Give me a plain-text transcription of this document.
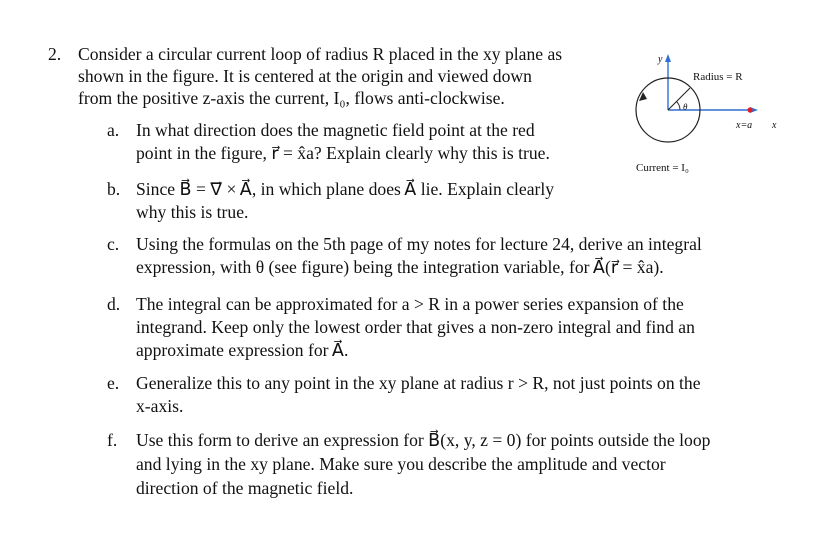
2. Consider a circular current loop of radius R placed in the xy plane as
shown in the figure. It is centered at the origin and viewed down
from the positive z-axis the current, I₀, flows anti-clockwise.
a. In what direction does the magnetic field point at the red
point in the figure, r⃗ = x̂a? Explain clearly why this is true.
b. Since B⃗ = ∇⃗ × A⃗, in which plane does A⃗ lie. Explain clearly
why this is true.
c. Using the formulas on the 5th page of my notes for lecture 24, derive an integral
expression, with θ (see figure) being the integration variable, for A⃗(r⃗ = x̂a).
d. The integral can be approximated for a > R in a power series expansion of the
integrand. Keep only the lowest order that gives a non-zero integral and find an
approximate expression for A⃗.
e. Generalize this to any point in the xy plane at radius r > R, not just points on the
x-axis.
f. Use this form to derive an expression for B⃗(x, y, z = 0) for points outside the loop
and lying in the xy plane. Make sure you describe the amplitude and vector
direction of the magnetic field.
y
Radius = R
θ
x=a x
Current = I₀
